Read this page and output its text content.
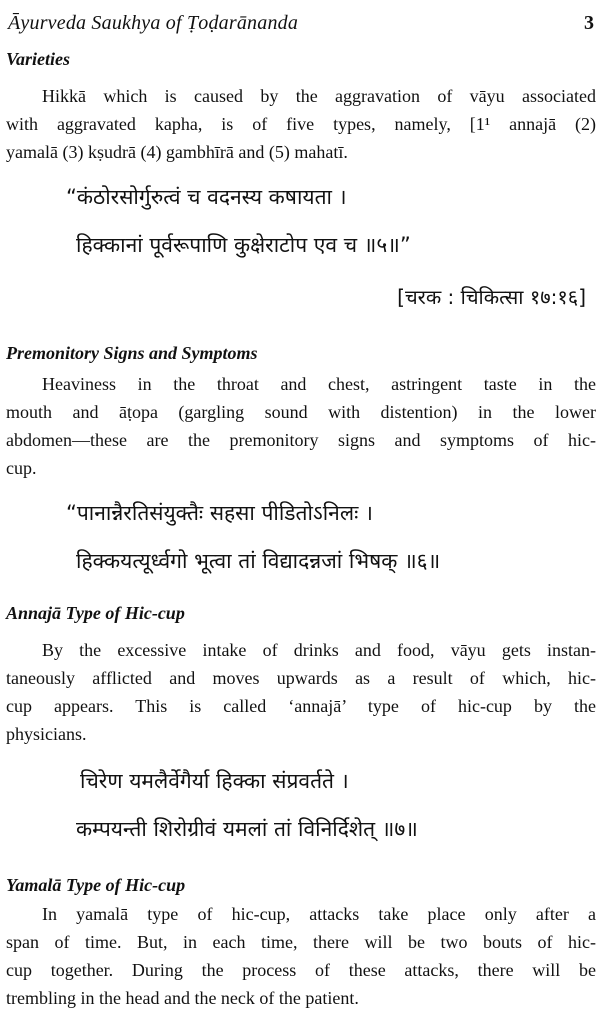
Āyurveda Saukhya of Ṭoḍarānanda	3
Varieties
Hikkā which is caused by the aggravation of vāyu associated
with aggravated kapha, is of five types, namely, [1¹ annajā (2)
yamalā (3) kṣudrā (4) gambhīrā and (5) mahatī.
“कंठोरसोर्गुरुत्वं च वदनस्य कषायता ।
हिक्कानां पूर्वरूपाणि कुक्षेराटोप एव च ॥५॥”
[चरक : चिकित्सा १७:१६]
Premonitory Signs and Symptoms
Heaviness in the throat and chest, astringent taste in the
mouth and āṭopa (gargling sound with distention) in the lower
abdomen—these are the premonitory signs and symptoms of hic-
cup.
“पानान्नैरतिसंयुक्तैः सहसा पीडितोऽनिलः ।
हिक्कयत्यूर्ध्वगो भूत्वा तां विद्यादन्नजां भिषक् ॥६॥
Annajā Type of Hic-cup
By the excessive intake of drinks and food, vāyu gets instan-
taneously afflicted and moves upwards as a result of which, hic-
cup appears. This is called ‘annajā’ type of hic-cup by the
physicians.
चिरेण यमलैर्वेगैर्या हिक्का संप्रवर्तते ।
कम्पयन्ती शिरोग्रीवं यमलां तां विनिर्दिशेत् ॥७॥
Yamalā Type of Hic-cup
In yamalā type of hic-cup, attacks take place only after a
span of time. But, in each time, there will be two bouts of hic-
cup together. During the process of these attacks, there will be
trembling in the head and the neck of the patient.
